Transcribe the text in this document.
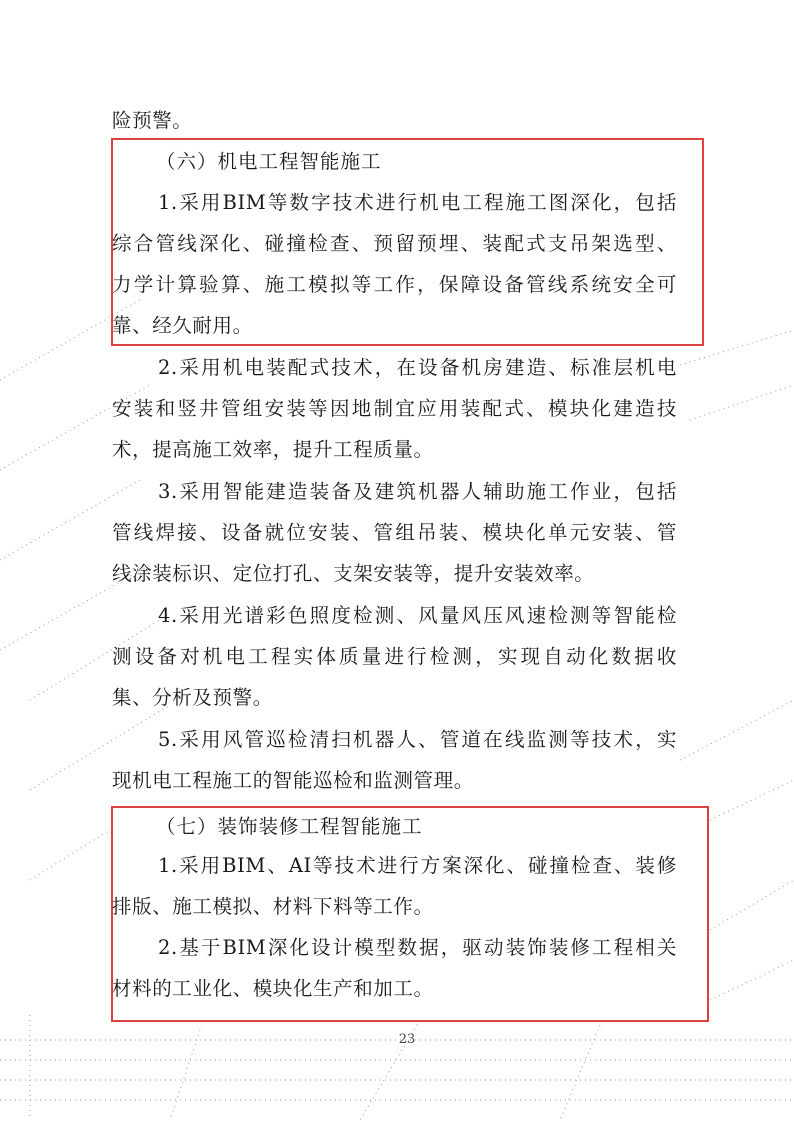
险预警。
（六）机电工程智能施工
1.采用BIM等数字技术进行机电工程施工图深化，包括
综合管线深化、碰撞检查、预留预埋、装配式支吊架选型、
力学计算验算、施工模拟等工作，保障设备管线系统安全可
靠、经久耐用。
2.采用机电装配式技术，在设备机房建造、标准层机电
安装和竖井管组安装等因地制宜应用装配式、模块化建造技
术，提高施工效率，提升工程质量。
3.采用智能建造装备及建筑机器人辅助施工作业，包括
管线焊接、设备就位安装、管组吊装、模块化单元安装、管
线涂装标识、定位打孔、支架安装等，提升安装效率。
4.采用光谱彩色照度检测、风量风压风速检测等智能检
测设备对机电工程实体质量进行检测，实现自动化数据收
集、分析及预警。
5.采用风管巡检清扫机器人、管道在线监测等技术，实
现机电工程施工的智能巡检和监测管理。
（七）装饰装修工程智能施工
1.采用BIM、AI等技术进行方案深化、碰撞检查、装修
排版、施工模拟、材料下料等工作。
2.基于BIM深化设计模型数据，驱动装饰装修工程相关
材料的工业化、模块化生产和加工。
23
